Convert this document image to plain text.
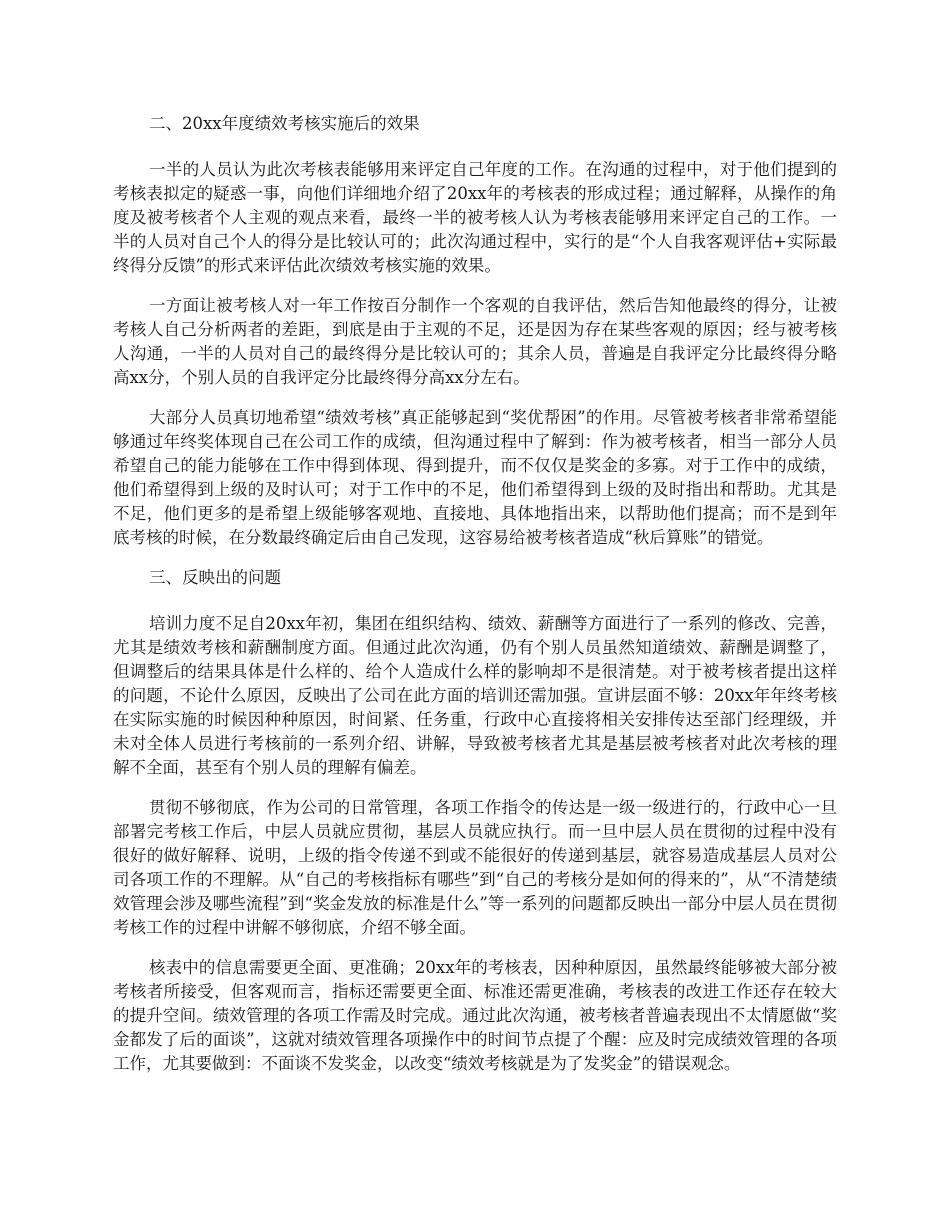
二、20xx年度绩效考核实施后的效果

一半的人员认为此次考核表能够用来评定自己年度的工作。在沟通的过程中，对于他们提到的考核表拟定的疑惑一事，向他们详细地介绍了20xx年的考核表的形成过程；通过解释，从操作的角度及被考核者个人主观的观点来看，最终一半的被考核人认为考核表能够用来评定自己的工作。一半的人员对自己个人的得分是比较认可的；此次沟通过程中，实行的是“个人自我客观评估+实际最终得分反馈”的形式来评估此次绩效考核实施的效果。

一方面让被考核人对一年工作按百分制作一个客观的自我评估，然后告知他最终的得分，让被考核人自己分析两者的差距，到底是由于主观的不足，还是因为存在某些客观的原因；经与被考核人沟通，一半的人员对自己的最终得分是比较认可的；其余人员，普遍是自我评定分比最终得分略高xx分，个别人员的自我评定分比最终得分高xx分左右。

大部分人员真切地希望“绩效考核”真正能够起到“奖优帮困”的作用。尽管被考核者非常希望能够通过年终奖体现自己在公司工作的成绩，但沟通过程中了解到：作为被考核者，相当一部分人员希望自己的能力能够在工作中得到体现、得到提升，而不仅仅是奖金的多寡。对于工作中的成绩，他们希望得到上级的及时认可；对于工作中的不足，他们希望得到上级的及时指出和帮助。尤其是不足，他们更多的是希望上级能够客观地、直接地、具体地指出来，以帮助他们提高；而不是到年底考核的时候，在分数最终确定后由自己发现，这容易给被考核者造成“秋后算账”的错觉。

三、反映出的问题

培训力度不足自20xx年初，集团在组织结构、绩效、薪酬等方面进行了一系列的修改、完善，尤其是绩效考核和薪酬制度方面。但通过此次沟通，仍有个别人员虽然知道绩效、薪酬是调整了，但调整后的结果具体是什么样的、给个人造成什么样的影响却不是很清楚。对于被考核者提出这样的问题，不论什么原因，反映出了公司在此方面的培训还需加强。宣讲层面不够：20xx年年终考核在实际实施的时候因种种原因，时间紧、任务重，行政中心直接将相关安排传达至部门经理级，并未对全体人员进行考核前的一系列介绍、讲解，导致被考核者尤其是基层被考核者对此次考核的理解不全面，甚至有个别人员的理解有偏差。

贯彻不够彻底，作为公司的日常管理，各项工作指令的传达是一级一级进行的，行政中心一旦部署完考核工作后，中层人员就应贯彻，基层人员就应执行。而一旦中层人员在贯彻的过程中没有很好的做好解释、说明，上级的指令传递不到或不能很好的传递到基层，就容易造成基层人员对公司各项工作的不理解。从“自己的考核指标有哪些”到“自己的考核分是如何的得来的”，从“不清楚绩效管理会涉及哪些流程”到“奖金发放的标准是什么”等一系列的问题都反映出一部分中层人员在贯彻考核工作的过程中讲解不够彻底，介绍不够全面。

核表中的信息需要更全面、更准确；20xx年的考核表，因种种原因，虽然最终能够被大部分被考核者所接受，但客观而言，指标还需要更全面、标准还需更准确，考核表的改进工作还存在较大的提升空间。绩效管理的各项工作需及时完成。通过此次沟通，被考核者普遍表现出不太情愿做“奖金都发了后的面谈”，这就对绩效管理各项操作中的时间节点提了个醒：应及时完成绩效管理的各项工作，尤其要做到：不面谈不发奖金，以改变“绩效考核就是为了发奖金”的错误观念。
